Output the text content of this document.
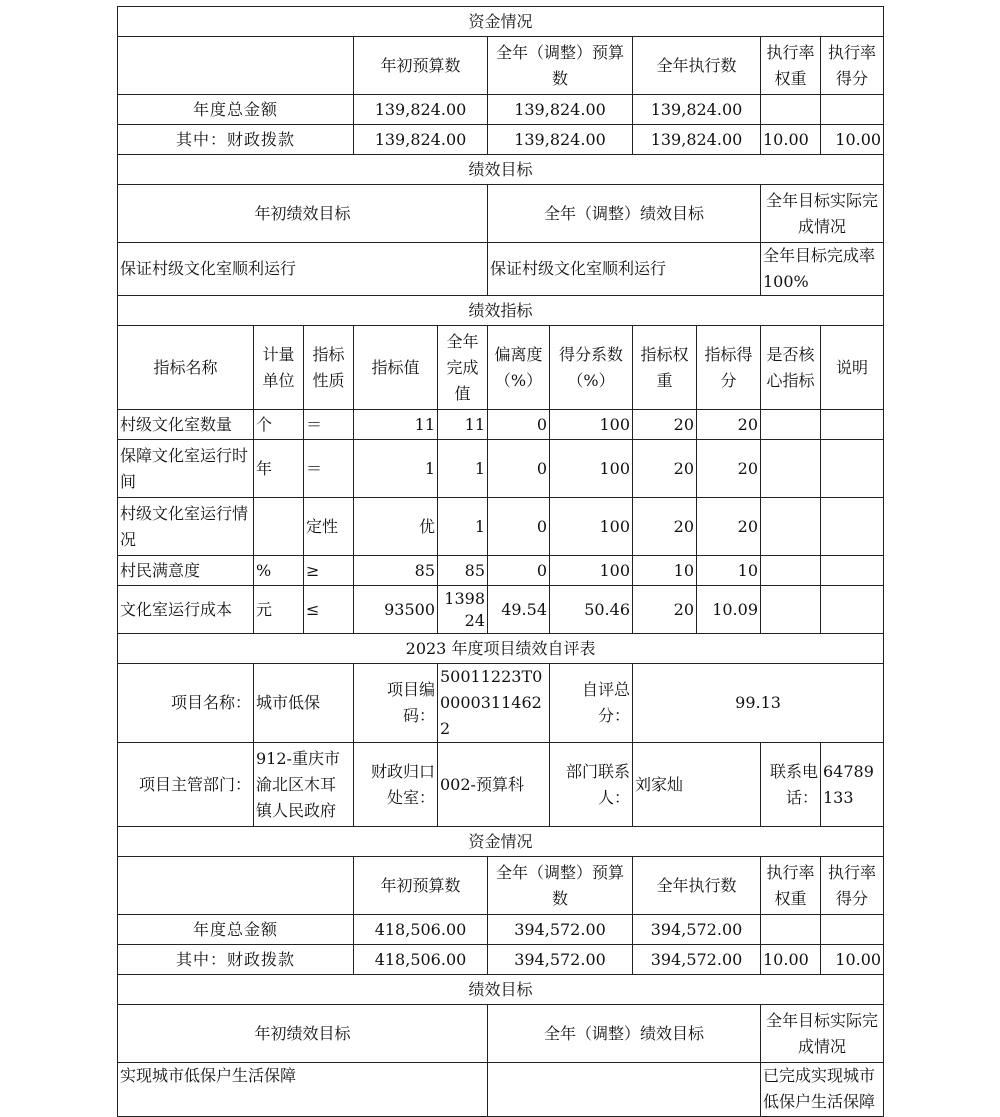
资金情况										
			年初预算数		全年（调整）预算数		全年执行数		执行率权重	执行率得分
年度总金额			139,824.00		139,824.00		139,824.00			
其中：财政拨款			139,824.00		139,824.00		139,824.00		10.00	10.00
绩效目标										
年初绩效目标					全年（调整）绩效目标				全年目标实际完成情况	
保证村级文化室顺利运行					保证村级文化室顺利运行				全年目标完成率 100%	
绩效指标										
指标名称	计量单位	指标性质	指标值	全年完成值	偏离度（%）	得分系数（%）	指标权重	指标得分	是否核心指标	说明
村级文化室数量	个	＝	11	11	0	100	20	20		
保障文化室运行时间	年	＝	1	1	0	100	20	20		
村级文化室运行情况		定性	优	1	0	100	20	20		
村民满意度	%	≥	85	85	0	100	10	10		
文化室运行成本	元	≤	93500	139824	49.54	50.46	20	10.09		
2023 年度项目绩效自评表										
项目名称：	城市低保		项目编码：	50011223T000003114622		自评总分：	99.13			
项目主管部门：	912-重庆市渝北区木耳镇人民政府		财政归口处室：	002-预算科		部门联系人：	刘家灿		联系电话：	64789133
资金情况										
			年初预算数		全年（调整）预算数		全年执行数		执行率权重	执行率得分
年度总金额			418,506.00		394,572.00		394,572.00			
其中：财政拨款			418,506.00		394,572.00		394,572.00		10.00	10.00
绩效目标										
年初绩效目标					全年（调整）绩效目标				全年目标实际完成情况	
实现城市低保户生活保障									已完成实现城市低保户生活保障	
